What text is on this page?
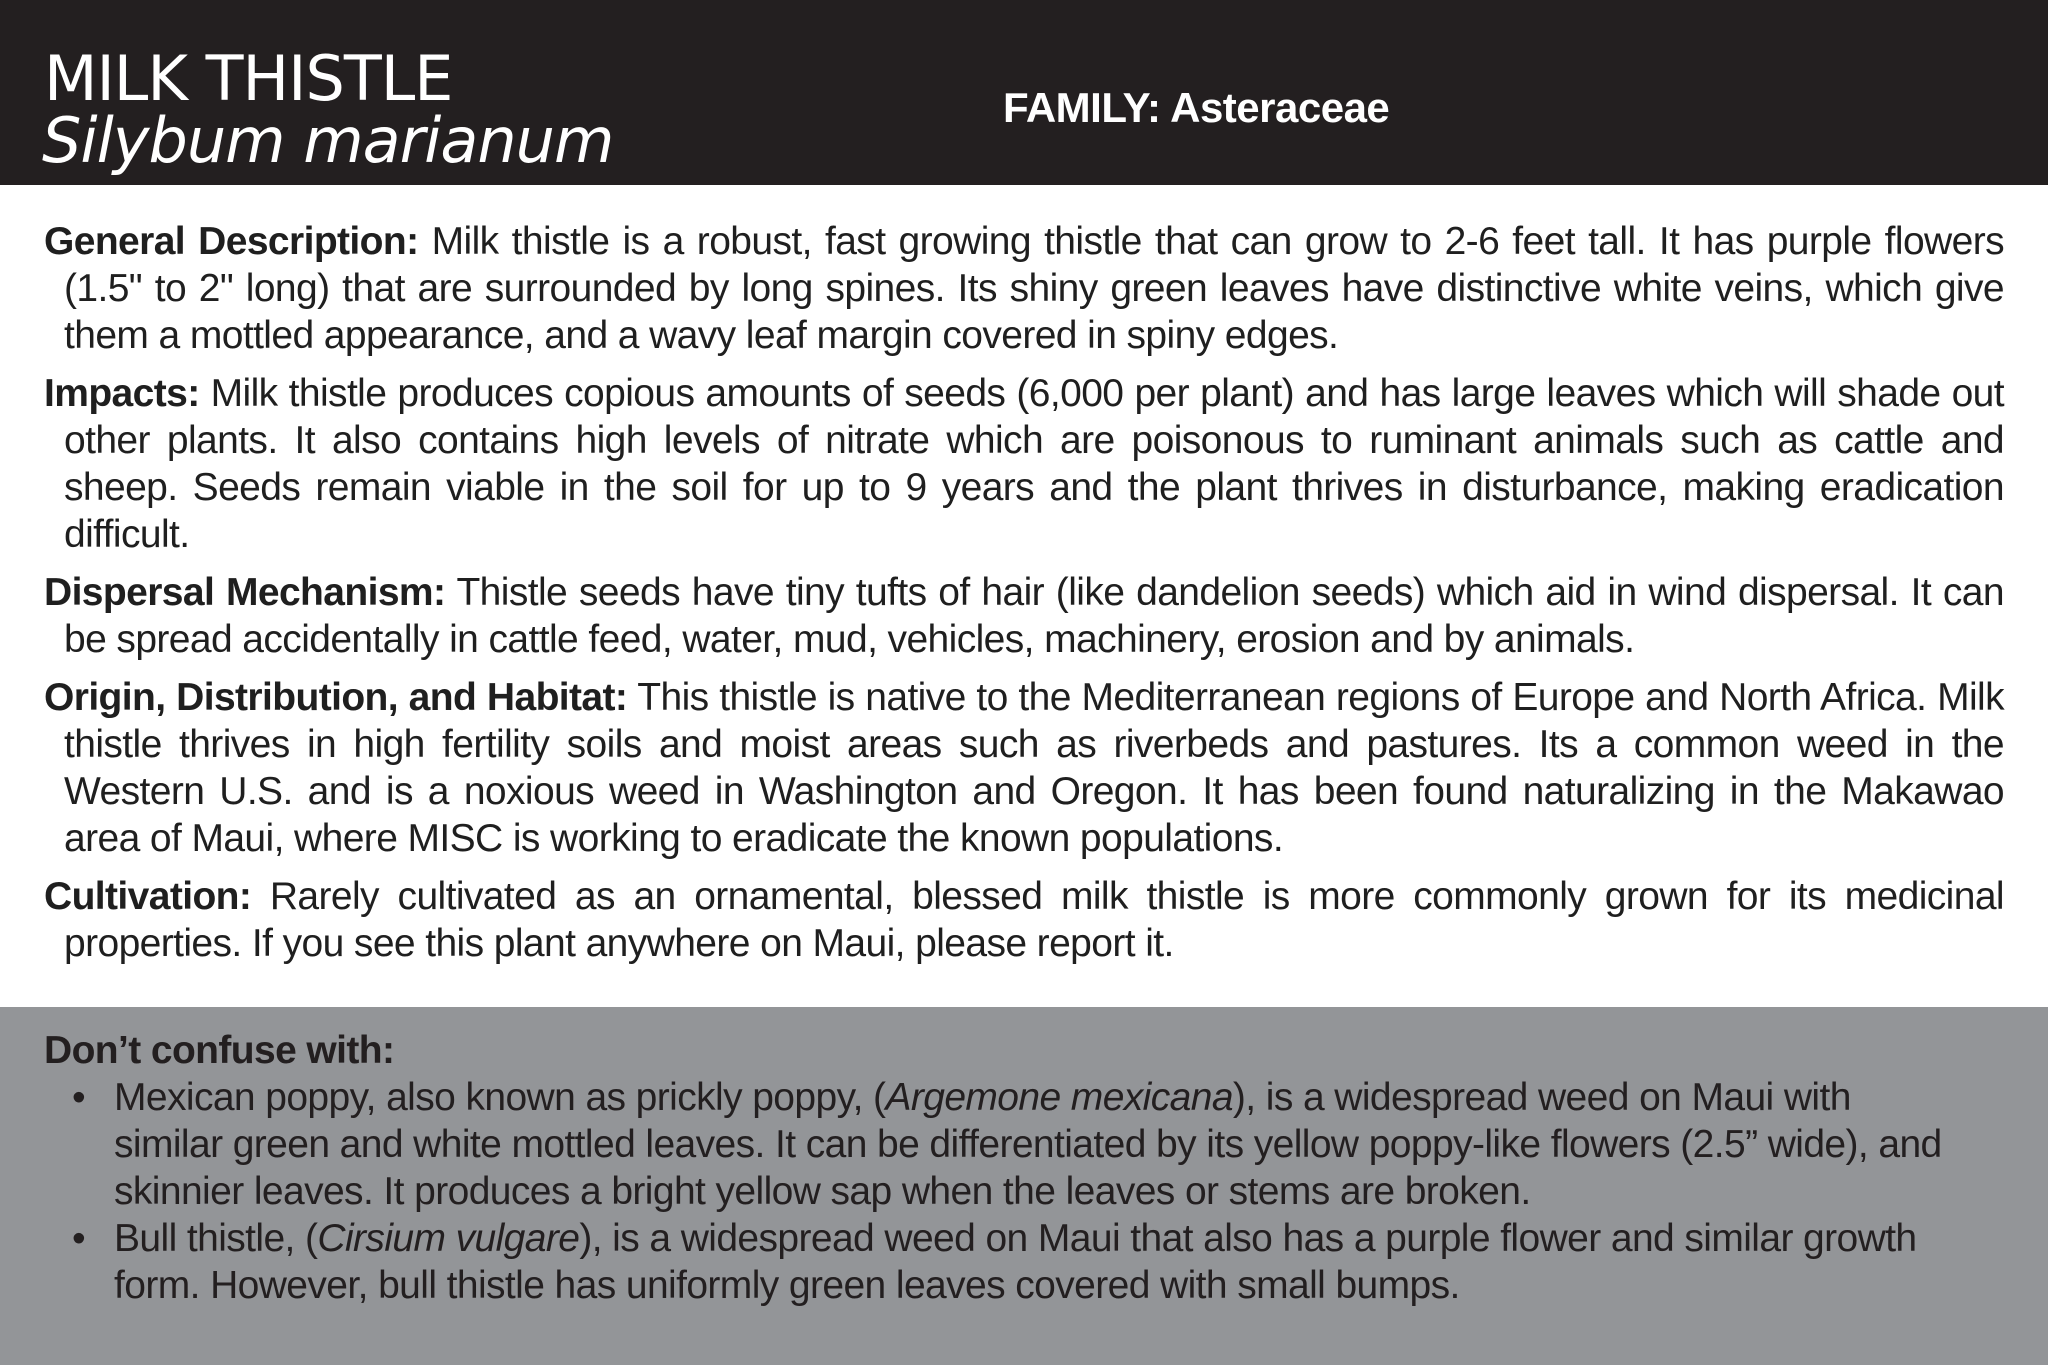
MILK THISTLE
Silybum marianum	FAMILY: Asteraceae

General Description: Milk thistle is a robust, fast growing thistle that can grow to 2-6 feet tall. It has purple flowers (1.5" to 2" long) that are surrounded by long spines. Its shiny green leaves have distinctive white veins, which give them a mottled appearance, and a wavy leaf margin covered in spiny edges.

Impacts: Milk thistle produces copious amounts of seeds (6,000 per plant) and has large leaves which will shade out other plants. It also contains high levels of nitrate which are poisonous to ruminant animals such as cattle and sheep. Seeds remain viable in the soil for up to 9 years and the plant thrives in disturbance, making eradication difficult.

Dispersal Mechanism: Thistle seeds have tiny tufts of hair (like dandelion seeds) which aid in wind dispersal. It can be spread accidentally in cattle feed, water, mud, vehicles, machinery, erosion and by animals.

Origin, Distribution, and Habitat: This thistle is native to the Mediterranean regions of Europe and North Africa. Milk thistle thrives in high fertility soils and moist areas such as riverbeds and pastures. Its a common weed in the Western U.S. and is a noxious weed in Washington and Oregon. It has been found naturalizing in the Makawao area of Maui, where MISC is working to eradicate the known populations.

Cultivation: Rarely cultivated as an ornamental, blessed milk thistle is more commonly grown for its medicinal properties. If you see this plant anywhere on Maui, please report it.

Don’t confuse with:
• Mexican poppy, also known as prickly poppy, (Argemone mexicana), is a widespread weed on Maui with similar green and white mottled leaves. It can be differentiated by its yellow poppy-like flowers (2.5” wide), and skinnier leaves. It produces a bright yellow sap when the leaves or stems are broken.
• Bull thistle, (Cirsium vulgare), is a widespread weed on Maui that also has a purple flower and similar growth form. However, bull thistle has uniformly green leaves covered with small bumps.
